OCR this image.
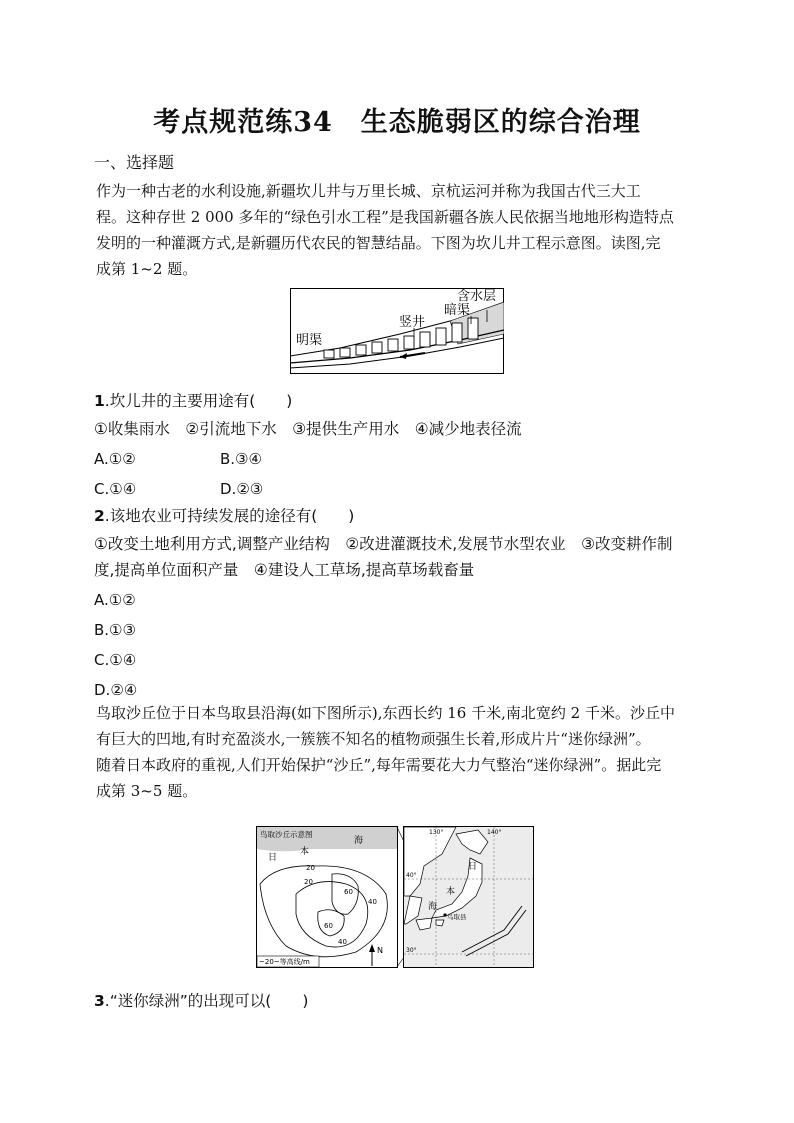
考点规范练34　生态脆弱区的综合治理
一、选择题
作为一种古老的水利设施,新疆坎儿井与万里长城、京杭运河并称为我国古代三大工
程。这种存世 2 000 多年的“绿色引水工程”是我国新疆各族人民依据当地地形构造特点
发明的一种灌溉方式,是新疆历代农民的智慧结晶。下图为坎儿井工程示意图。读图,完
成第 1~2 题。
明渠
竖井
暗渠
含水层
1.坎儿井的主要用途有(　　)
①收集雨水　②引流地下水　③提供生产用水　④减少地表径流
A.①②	B.③④
C.①④	D.②③
2.该地农业可持续发展的途径有(　　)
①改变土地利用方式,调整产业结构　②改进灌溉技术,发展节水型农业　③改变耕作制
度,提高单位面积产量　④建设人工草场,提高草场载畜量
A.①②
B.①③
C.①④
D.②④
鸟取沙丘位于日本鸟取县沿海(如下图所示),东西长约 16 千米,南北宽约 2 千米。沙丘中
有巨大的凹地,有时充盈淡水,一簇簇不知名的植物顽强生长着,形成片片“迷你绿洲”。
随着日本政府的重视,人们开始保护“沙丘”,每年需要花大力气整治“迷你绿洲”。据此完
成第 3~5 题。
鸟取沙丘示意图
海
日
本
20
40
60
60
40
20
~20~等高线/m
N
40°
30°
130°	140°
日
本
海
鸟取县
3.“迷你绿洲”的出现可以(　　)
